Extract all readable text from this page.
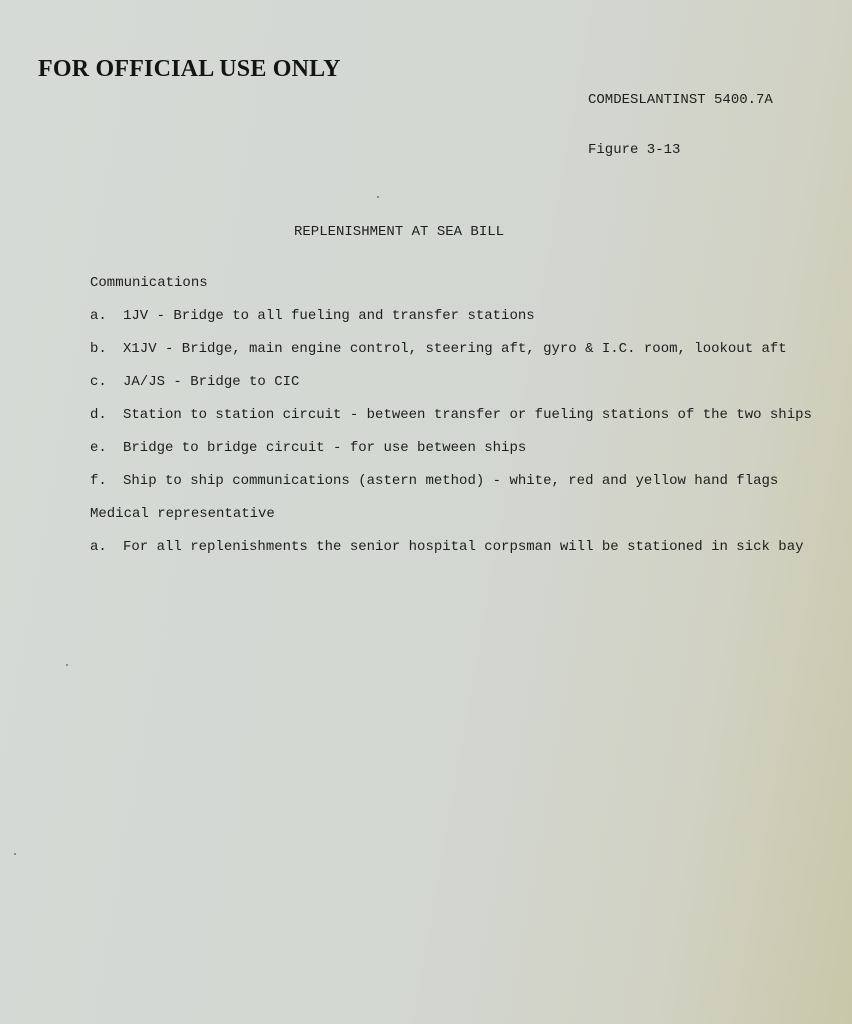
FOR OFFICIAL USE ONLY
COMDESLANTINST 5400.7A
Figure 3-13
REPLENISHMENT AT SEA BILL
Communications
a. 1JV - Bridge to all fueling and transfer stations
b. X1JV - Bridge, main engine control, steering aft, gyro & I.C. room, lookout aft
c. JA/JS - Bridge to CIC
d. Station to station circuit - between transfer or fueling stations of the two ships
e. Bridge to bridge circuit - for use between ships
f. Ship to ship communications (astern method) - white, red and yellow hand flags
Medical representative
a. For all replenishments the senior hospital corpsman will be stationed in sick bay
